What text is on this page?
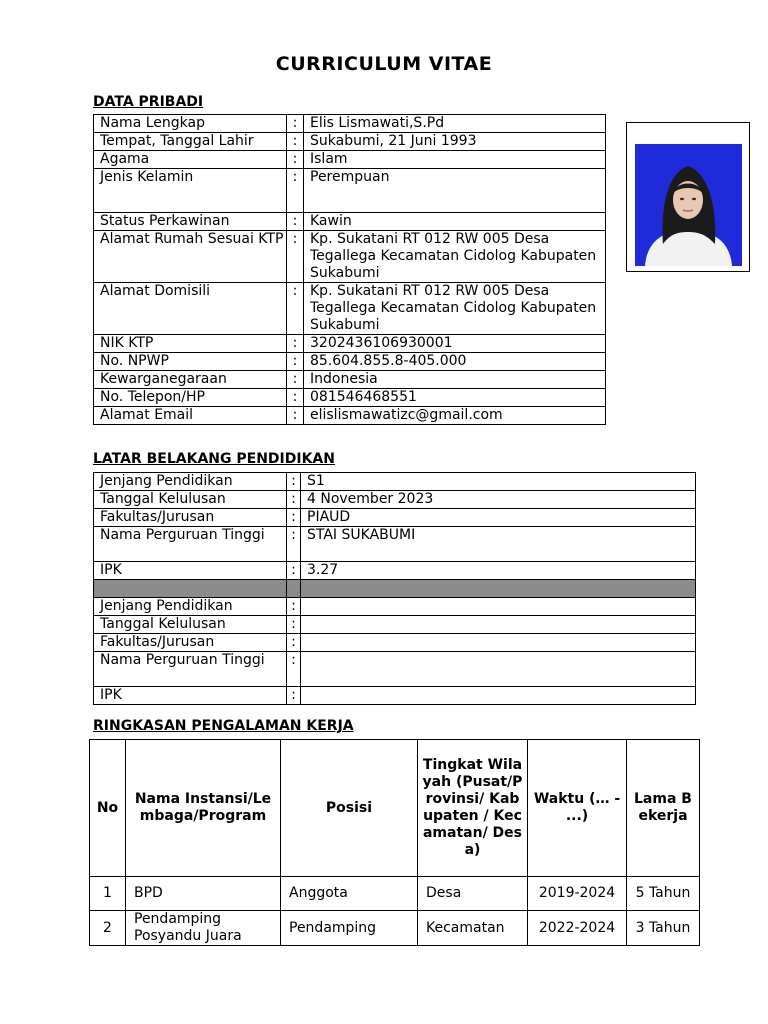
CURRICULUM VITAE
DATA PRIBADI
Nama Lengkap	:	Elis Lismawati,S.Pd
Tempat, Tanggal Lahir	:	Sukabumi, 21 Juni 1993
Agama	:	Islam
Jenis Kelamin	:	Perempuan
Status Perkawinan	:	Kawin
Alamat Rumah Sesuai KTP	:	Kp. Sukatani RT 012 RW 005 Desa Tegallega Kecamatan Cidolog Kabupaten Sukabumi
Alamat Domisili	:	Kp. Sukatani RT 012 RW 005 Desa Tegallega Kecamatan Cidolog Kabupaten Sukabumi
NIK KTP	:	3202436106930001
No. NPWP	:	85.604.855.8-405.000
Kewarganegaraan	:	Indonesia
No. Telepon/HP	:	081546468551
Alamat Email	:	elislismawatizc@gmail.com
LATAR BELAKANG PENDIDIKAN
Jenjang Pendidikan	:	S1
Tanggal Kelulusan	:	4 November 2023
Fakultas/Jurusan	:	PIAUD
Nama Perguruan Tinggi	:	STAI SUKABUMI
IPK	:	3.27

Jenjang Pendidikan	:	
Tanggal Kelulusan	:	
Fakultas/Jurusan	:	
Nama Perguruan Tinggi	:	
IPK	:	
RINGKASAN PENGALAMAN KERJA
No	Nama Instansi/Lembaga/Program	Posisi	Tingkat Wilayah (Pusat/Provinsi/ Kabupaten / Kecamatan/ Desa)	Waktu (… - ...)	Lama Bekerja
1	BPD	Anggota	Desa	2019-2024	5 Tahun
2	Pendamping Posyandu Juara	Pendamping	Kecamatan	2022-2024	3 Tahun
